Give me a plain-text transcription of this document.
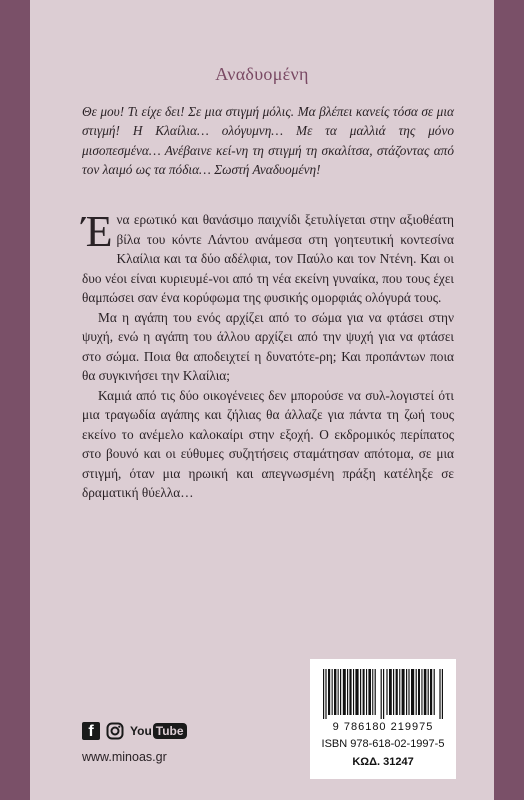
Αναδυομένη
Θε μου! Τι είχε δει! Σε μια στιγμή μόλις. Μα βλέπει κανείς τόσα σε μια στιγμή! Η Κλαίλια… ολόγυμνη… Με τα μαλλιά της μόνο μισοπεσμένα… Ανέβαινε κεί-νη τη στιγμή τη σκαλίτσα, στάζοντας από τον λαιμό ως τα πόδια… Σωστή Αναδυομένη!

Ένα ερωτικό και θανάσιμο παιχνίδι ξετυλίγεται στην αξιοθέατη βίλα του κόντε Λάντου ανάμεσα στη γοητευτική κοντεσίνα Κλαίλια και τα δύο αδέλφια, τον Παύλο και τον Ντένη. Και οι δυο νέοι είναι κυριευμέ-νοι από τη νέα εκείνη γυναίκα, που τους έχει θαμπώσει σαν ένα κορύφωμα της φυσικής ομορφιάς ολόγυρά τους.

Μα η αγάπη του ενός αρχίζει από το σώμα για να φτάσει στην ψυχή, ενώ η αγάπη του άλλου αρχίζει από την ψυχή για να φτάσει στο σώμα. Ποια θα αποδειχτεί η δυνατότε-ρη; Και προπάντων ποια θα συγκινήσει την Κλαίλια;

Καμιά από τις δύο οικογένειες δεν μπορούσε να συλ-λογιστεί ότι μια τραγωδία αγάπης και ζήλιας θα άλλαζε για πάντα τη ζωή τους εκείνο το ανέμελο καλοκαίρι στην εξοχή. Ο εκδρομικός περίπατος στο βουνό και οι εύθυμες συζητήσεις σταμάτησαν απότομα, σε μια στιγμή, όταν μια ηρωική και απεγνωσμένη πράξη κατέληξε σε δραματική θύελλα…

f	You Tube
www.minoas.gr
9 786180 219975
ISBN 978-618-02-1997-5
ΚΩΔ. 31247
